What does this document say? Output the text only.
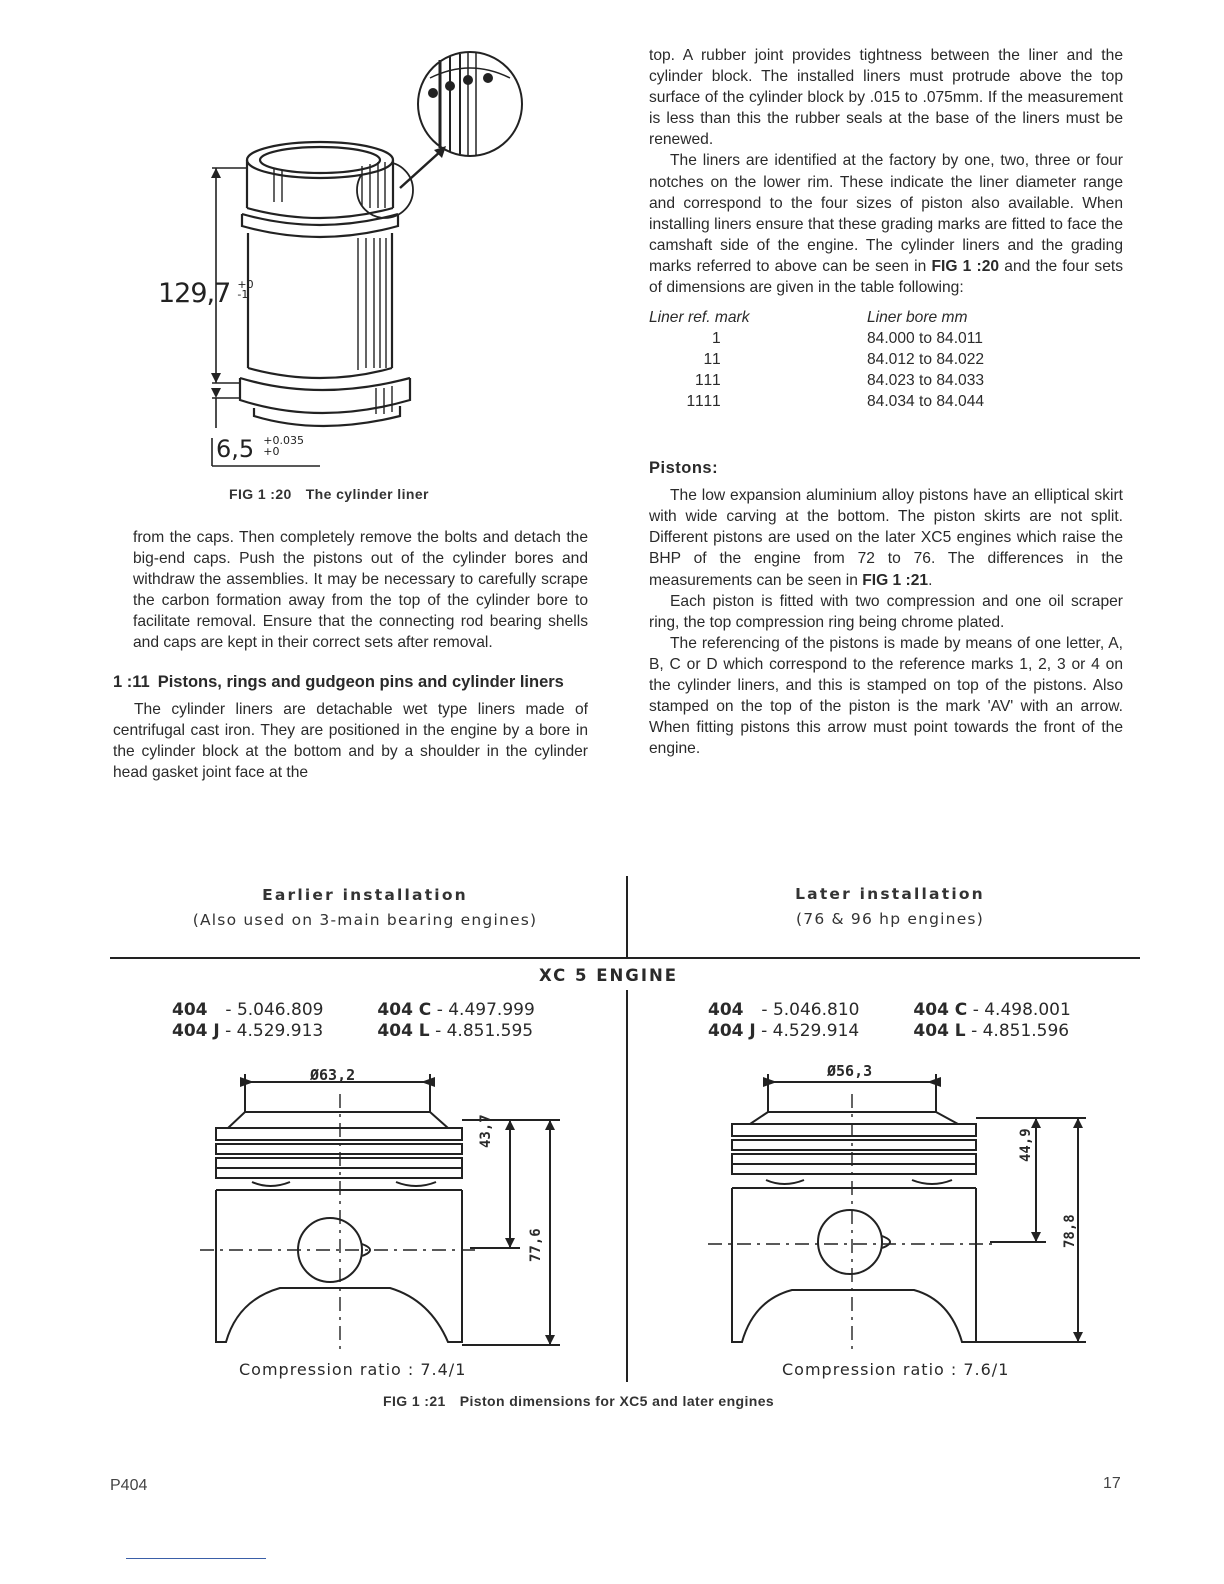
129,7 +0
-1
6,5 +0.035
+0
FIG 1 :20 The cylinder liner

from the caps. Then completely remove the bolts and detach the big-end caps. Push the pistons out of the cylinder bores and withdraw the assemblies. It may be necessary to carefully scrape the carbon formation away from the top of the cylinder bore to facilitate removal. Ensure that the connecting rod bearing shells and caps are kept in their correct sets after removal.

1 :11 Pistons, rings and gudgeon pins and cylinder liners

The cylinder liners are detachable wet type liners made of centrifugal cast iron. They are positioned in the engine by a bore in the cylinder block at the bottom and by a shoulder in the cylinder head gasket joint face at the

top. A rubber joint provides tightness between the liner and the cylinder block. The installed liners must protrude above the top surface of the cylinder block by .015 to .075mm. If the measurement is less than this the rubber seals at the base of the liners must be renewed.

The liners are identified at the factory by one, two, three or four notches on the lower rim. These indicate the liner diameter range and correspond to the four sizes of piston also available. When installing liners ensure that these grading marks are fitted to face the camshaft side of the engine. The cylinder liners and the grading marks referred to above can be seen in FIG 1 :20 and the four sets of dimensions are given in the table following:

Liner ref. mark		Liner bore mm
1		84.000 to 84.011
11		84.012 to 84.022
111		84.023 to 84.033
1111		84.034 to 84.044
Pistons:

The low expansion aluminium alloy pistons have an elliptical skirt with wide carving at the bottom. The piston skirts are not split. Different pistons are used on the later XC5 engines which raise the BHP of the engine from 72 to 76. The differences in the measurements can be seen in FIG 1 :21.

Each piston is fitted with two compression and one oil scraper ring, the top compression ring being chrome plated.

The referencing of the pistons is made by means of one letter, A, B, C or D which correspond to the reference marks 1, 2, 3 or 4 on the cylinder liners, and this is stamped on top of the pistons. Also stamped on the top of the piston is the mark 'AV' with an arrow. When fitting pistons this arrow must point towards the front of the engine.

Earlier installation
(Also used on 3-main bearing engines)
Later installation
(76 & 96 hp engines)
XC 5 ENGINE
404 - 5.046.809	404 C - 4.497.999
404 J - 4.529.913	404 L - 4.851.595
404 - 5.046.810	404 C - 4.498.001
404 J - 4.529.914	404 L - 4.851.596
Ø63,2
43,7
77,6
Ø56,3
44,9
78,8
Compression ratio : 7.4/1	Compression ratio : 7.6/1
FIG 1 :21 Piston dimensions for XC5 and later engines
P404	17
